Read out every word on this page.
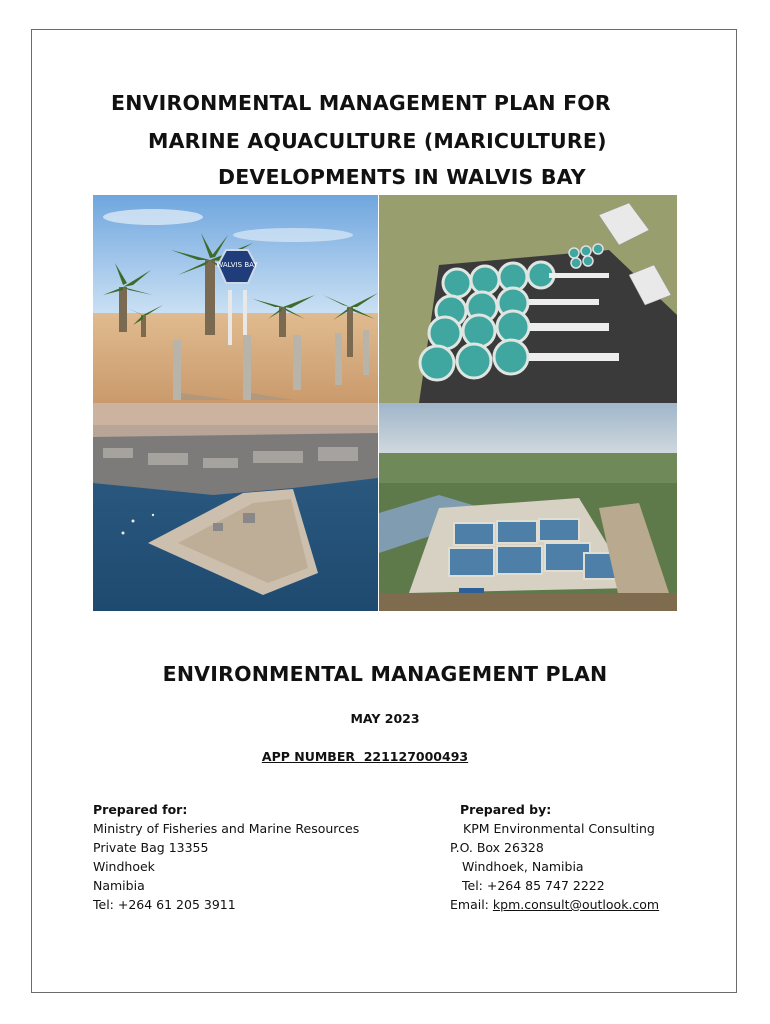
ENVIRONMENTAL MANAGEMENT PLAN FOR
MARINE AQUACULTURE (MARICULTURE)
DEVELOPMENTS IN WALVIS BAY
WALVIS BAY
ENVIRONMENTAL MANAGEMENT PLAN
MAY 2023
APP NUMBER 221127000493
Prepared for:
Ministry of Fisheries and Marine Resources
Private Bag 13355
Windhoek
Namibia
Tel: +264 61 205 3911
Prepared by:
KPM Environmental Consulting
P.O. Box 26328
Windhoek, Namibia
Tel: +264 85 747 2222
Email: kpm.consult@outlook.com
